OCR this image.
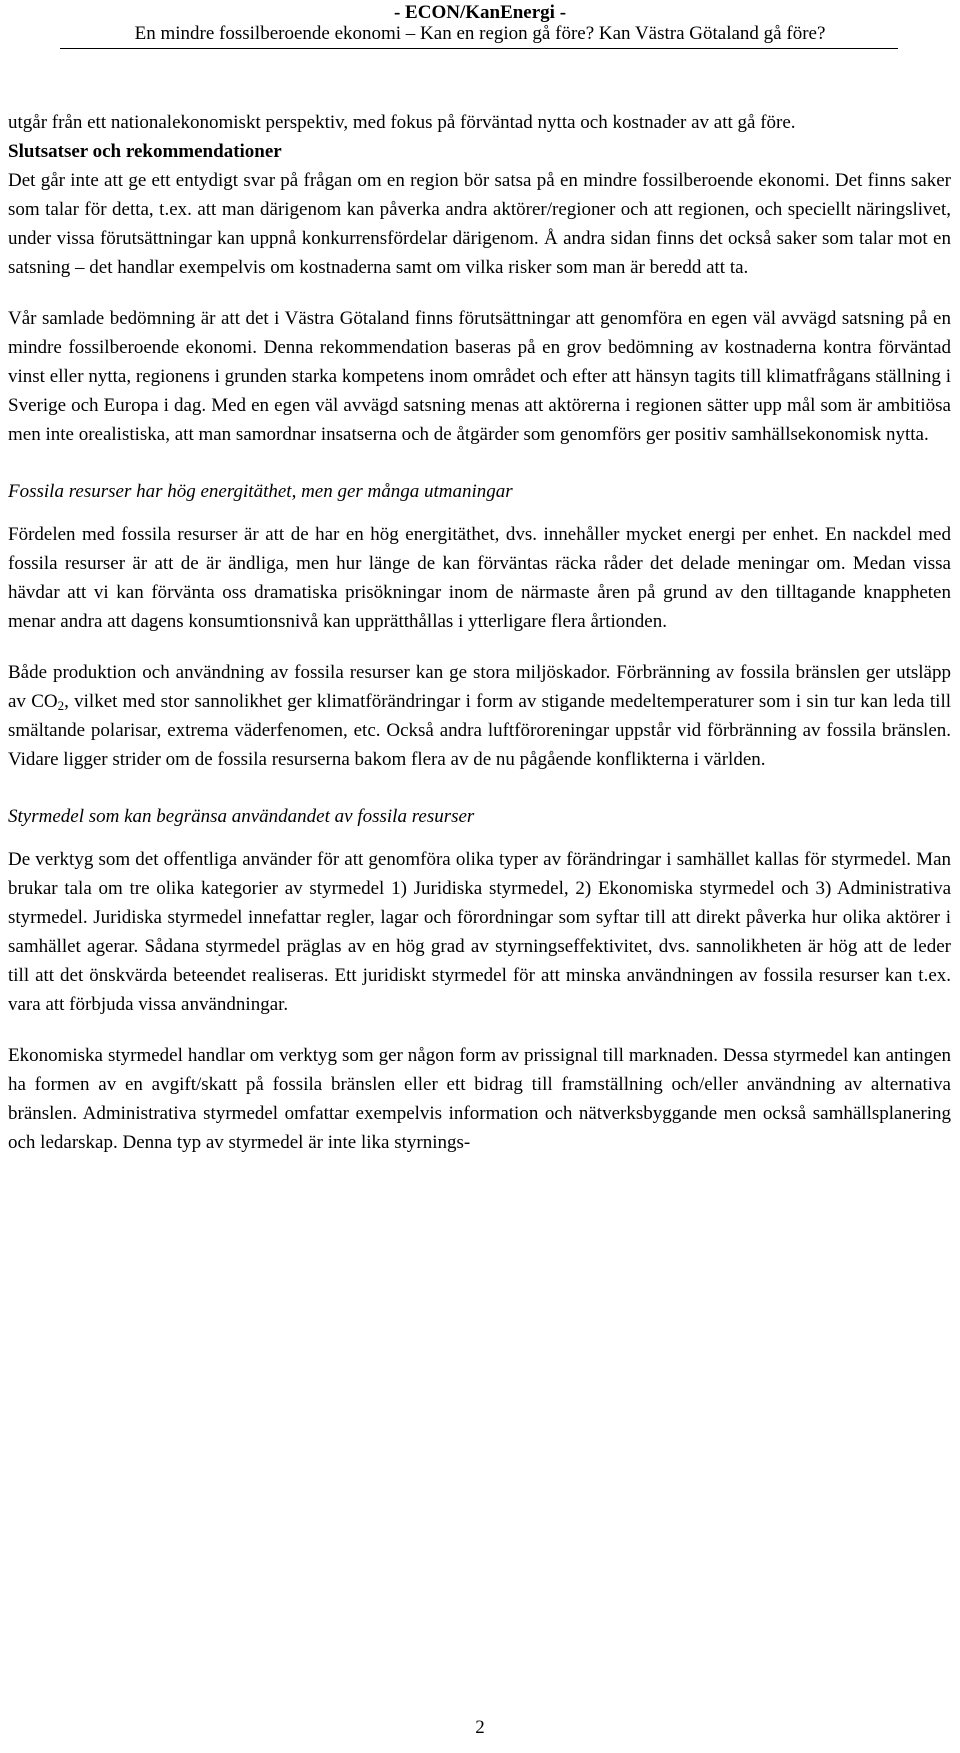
- ECON/KanEnergi -
En mindre fossilberoende ekonomi – Kan en region gå före? Kan Västra Götaland gå före?

utgår från ett nationalekonomiskt perspektiv, med fokus på förväntad nytta och kostnader av att gå före.

Slutsatser och rekommendationer

Det går inte att ge ett entydigt svar på frågan om en region bör satsa på en mindre fossilberoende ekonomi. Det finns saker som talar för detta, t.ex. att man därigenom kan påverka andra aktörer/regioner och att regionen, och speciellt näringslivet, under vissa förutsättningar kan uppnå konkurrensfördelar därigenom. Å andra sidan finns det också saker som talar mot en satsning – det handlar exempelvis om kostnaderna samt om vilka risker som man är beredd att ta.

Vår samlade bedömning är att det i Västra Götaland finns förutsättningar att genomföra en egen väl avvägd satsning på en mindre fossilberoende ekonomi. Denna rekommendation baseras på en grov bedömning av kostnaderna kontra förväntad vinst eller nytta, regionens i grunden starka kompetens inom området och efter att hänsyn tagits till klimatfrågans ställning i Sverige och Europa i dag. Med en egen väl avvägd satsning menas att aktörerna i regionen sätter upp mål som är ambitiösa men inte orealistiska, att man samordnar insatserna och de åtgärder som genomförs ger positiv samhällsekonomisk nytta.

Fossila resurser har hög energitäthet, men ger många utmaningar

Fördelen med fossila resurser är att de har en hög energitäthet, dvs. innehåller mycket energi per enhet. En nackdel med fossila resurser är att de är ändliga, men hur länge de kan förväntas räcka råder det delade meningar om. Medan vissa hävdar att vi kan förvänta oss dramatiska prisökningar inom de närmaste åren på grund av den tilltagande knappheten menar andra att dagens konsumtionsnivå kan upprätthållas i ytterligare flera årtionden.

Både produktion och användning av fossila resurser kan ge stora miljöskador. Förbränning av fossila bränslen ger utsläpp av $CO_2$, vilket med stor sannolikhet ger klimatförändringar i form av stigande medeltemperaturer som i sin tur kan leda till smältande polarisar, extrema väderfenomen, etc. Också andra luftföroreningar uppstår vid förbränning av fossila bränslen. Vidare ligger strider om de fossila resurserna bakom flera av de nu pågående konflikterna i världen.

Styrmedel som kan begränsa användandet av fossila resurser

De verktyg som det offentliga använder för att genomföra olika typer av förändringar i samhället kallas för styrmedel. Man brukar tala om tre olika kategorier av styrmedel 1) Juridiska styrmedel, 2) Ekonomiska styrmedel och 3) Administrativa styrmedel. Juridiska styrmedel innefattar regler, lagar och förordningar som syftar till att direkt påverka hur olika aktörer i samhället agerar. Sådana styrmedel präglas av en hög grad av styrningseffektivitet, dvs. sannolikheten är hög att de leder till att det önskvärda beteendet realiseras. Ett juridiskt styrmedel för att minska användningen av fossila resurser kan t.ex. vara att förbjuda vissa användningar.

Ekonomiska styrmedel handlar om verktyg som ger någon form av prissignal till marknaden. Dessa styrmedel kan antingen ha formen av en avgift/skatt på fossila bränslen eller ett bidrag till framställning och/eller användning av alternativa bränslen. Administrativa styrmedel omfattar exempelvis information och nätverksbyggande men också samhällsplanering och ledarskap. Denna typ av styrmedel är inte lika styrnings-

2
